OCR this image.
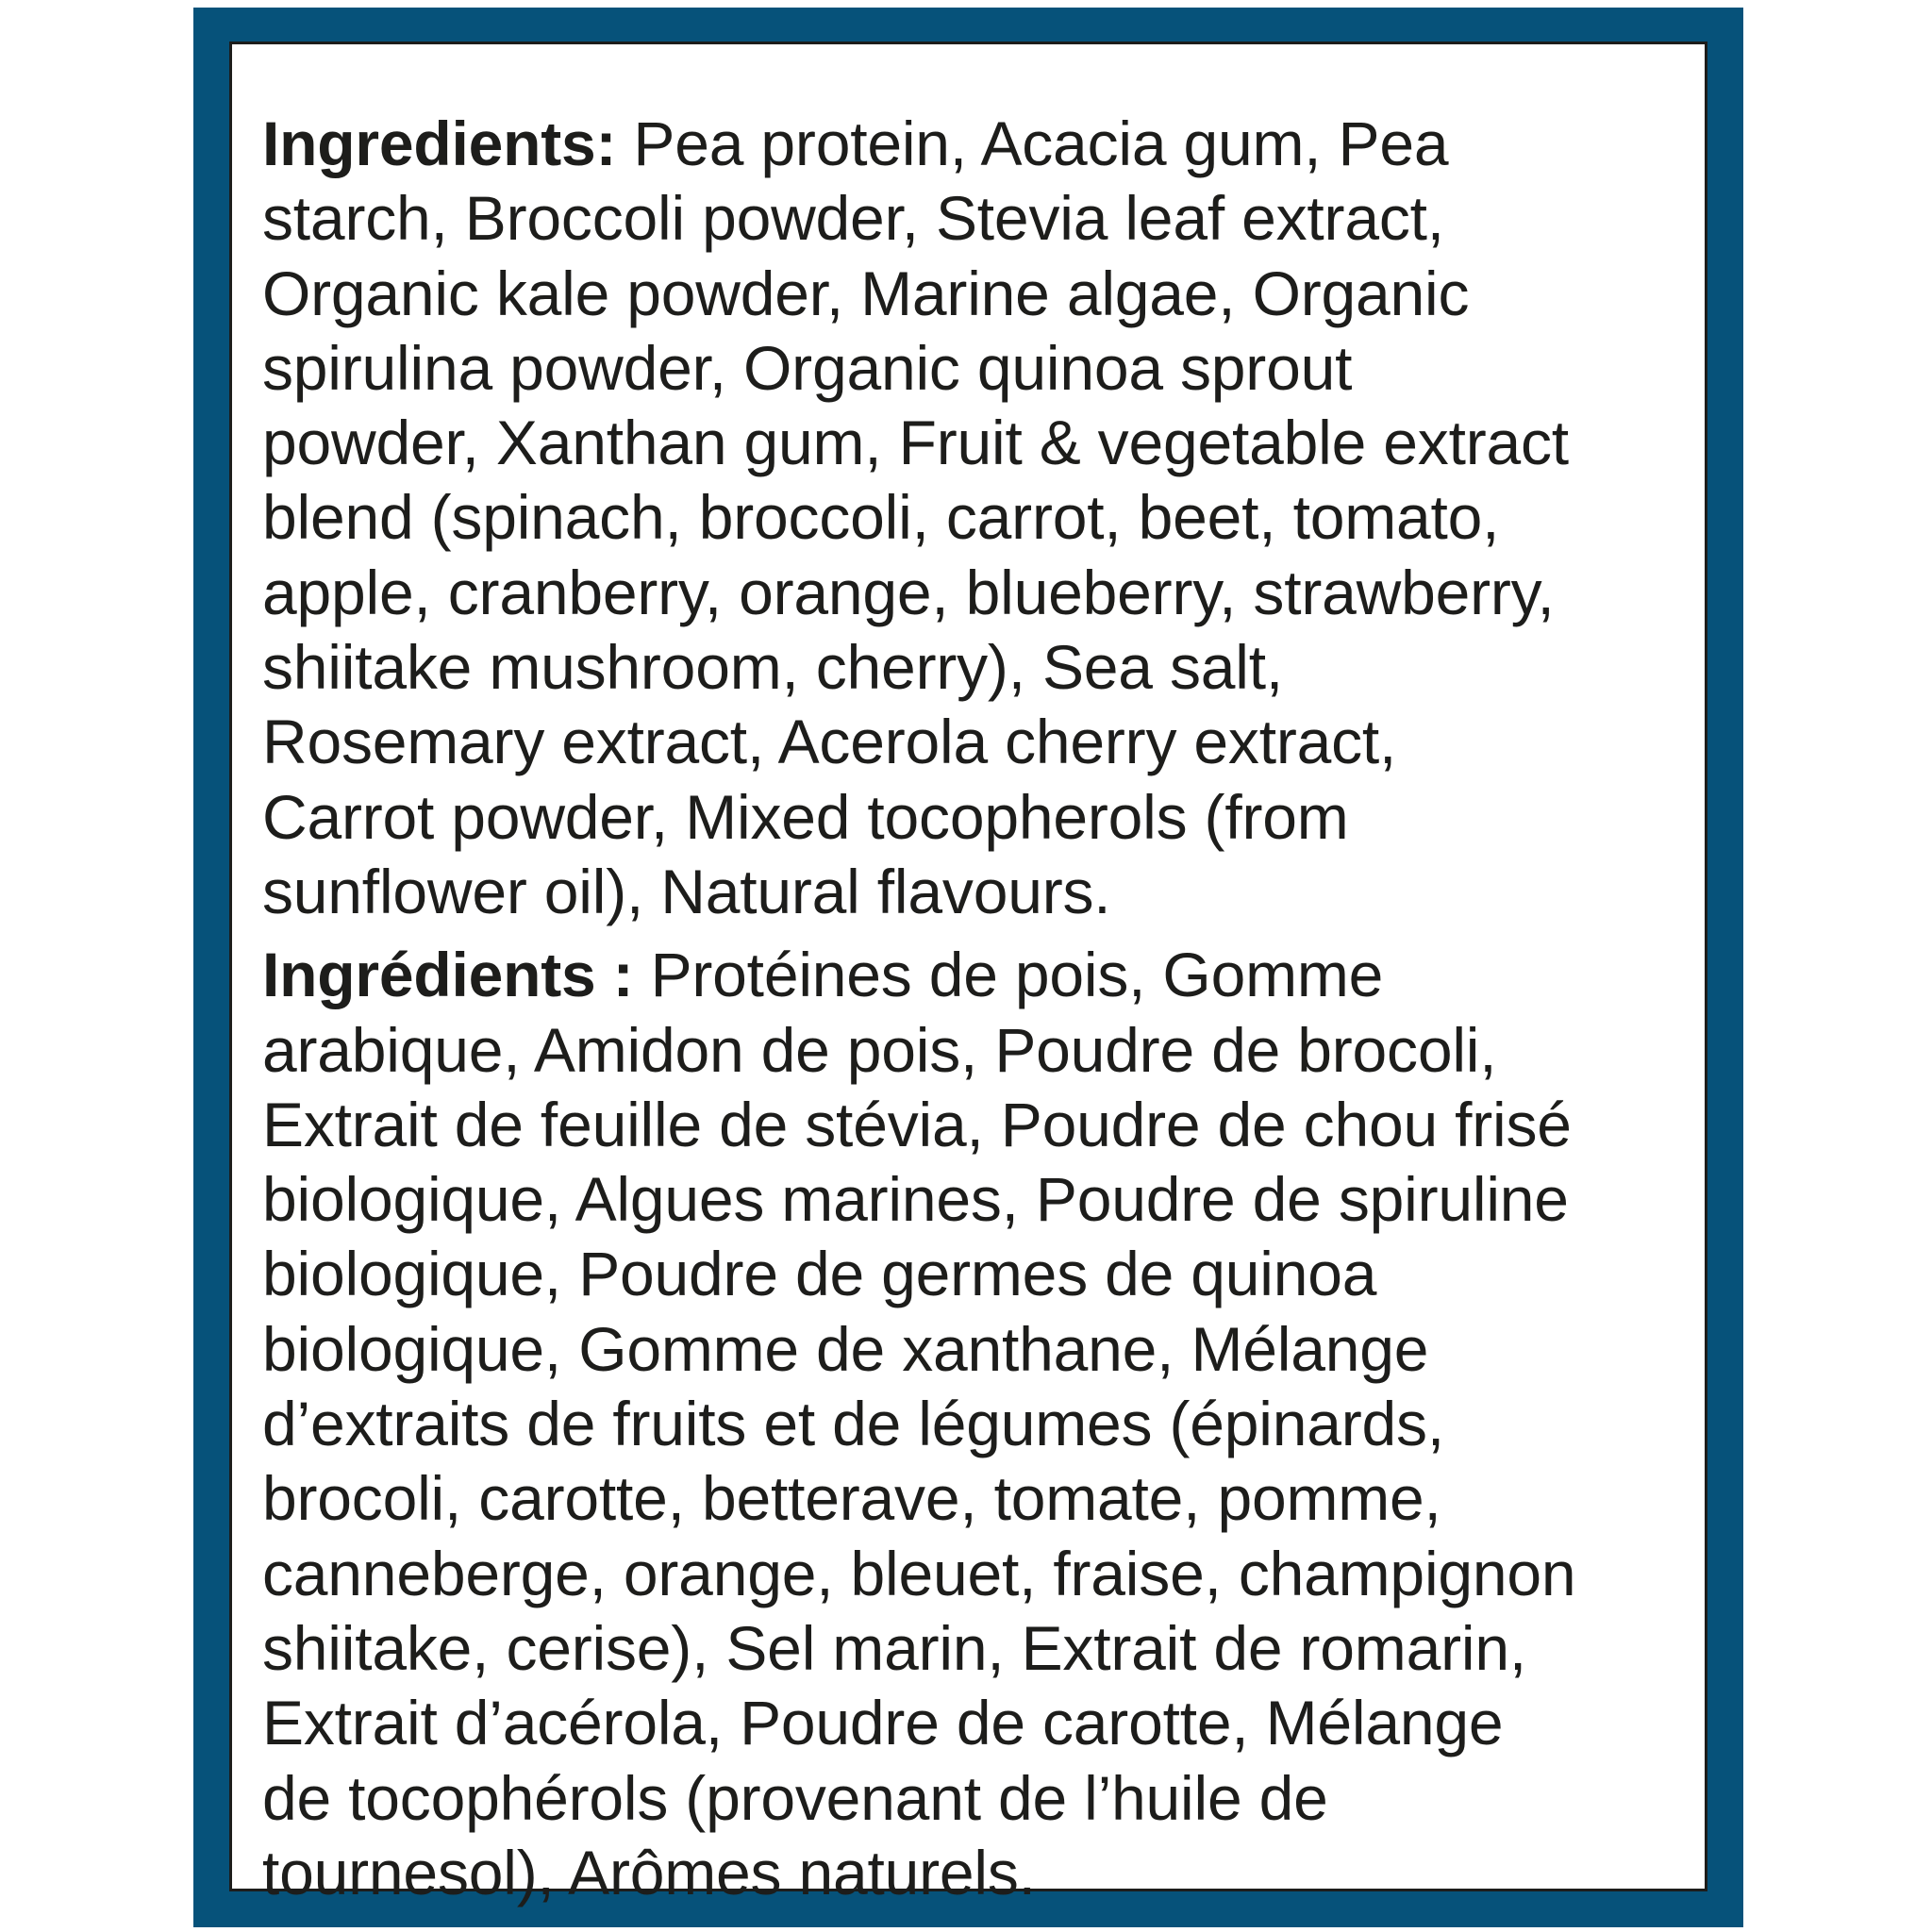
Ingredients: Pea protein, Acacia gum, Pea
starch, Broccoli powder, Stevia leaf extract,
Organic kale powder, Marine algae, Organic
spirulina powder, Organic quinoa sprout
powder, Xanthan gum, Fruit & vegetable extract
blend (spinach, broccoli, carrot, beet, tomato,
apple, cranberry, orange, blueberry, strawberry,
shiitake mushroom, cherry), Sea salt,
Rosemary extract, Acerola cherry extract,
Carrot powder, Mixed tocopherols (from
sunflower oil), Natural flavours.

Ingrédients : Protéines de pois, Gomme
arabique, Amidon de pois, Poudre de brocoli,
Extrait de feuille de stévia, Poudre de chou frisé
biologique, Algues marines, Poudre de spiruline
biologique, Poudre de germes de quinoa
biologique, Gomme de xanthane, Mélange
d’extraits de fruits et de légumes (épinards,
brocoli, carotte, betterave, tomate, pomme,
canneberge, orange, bleuet, fraise, champignon
shiitake, cerise), Sel marin, Extrait de romarin,
Extrait d’acérola, Poudre de carotte, Mélange
de tocophérols (provenant de l’huile de
tournesol), Arômes naturels.
